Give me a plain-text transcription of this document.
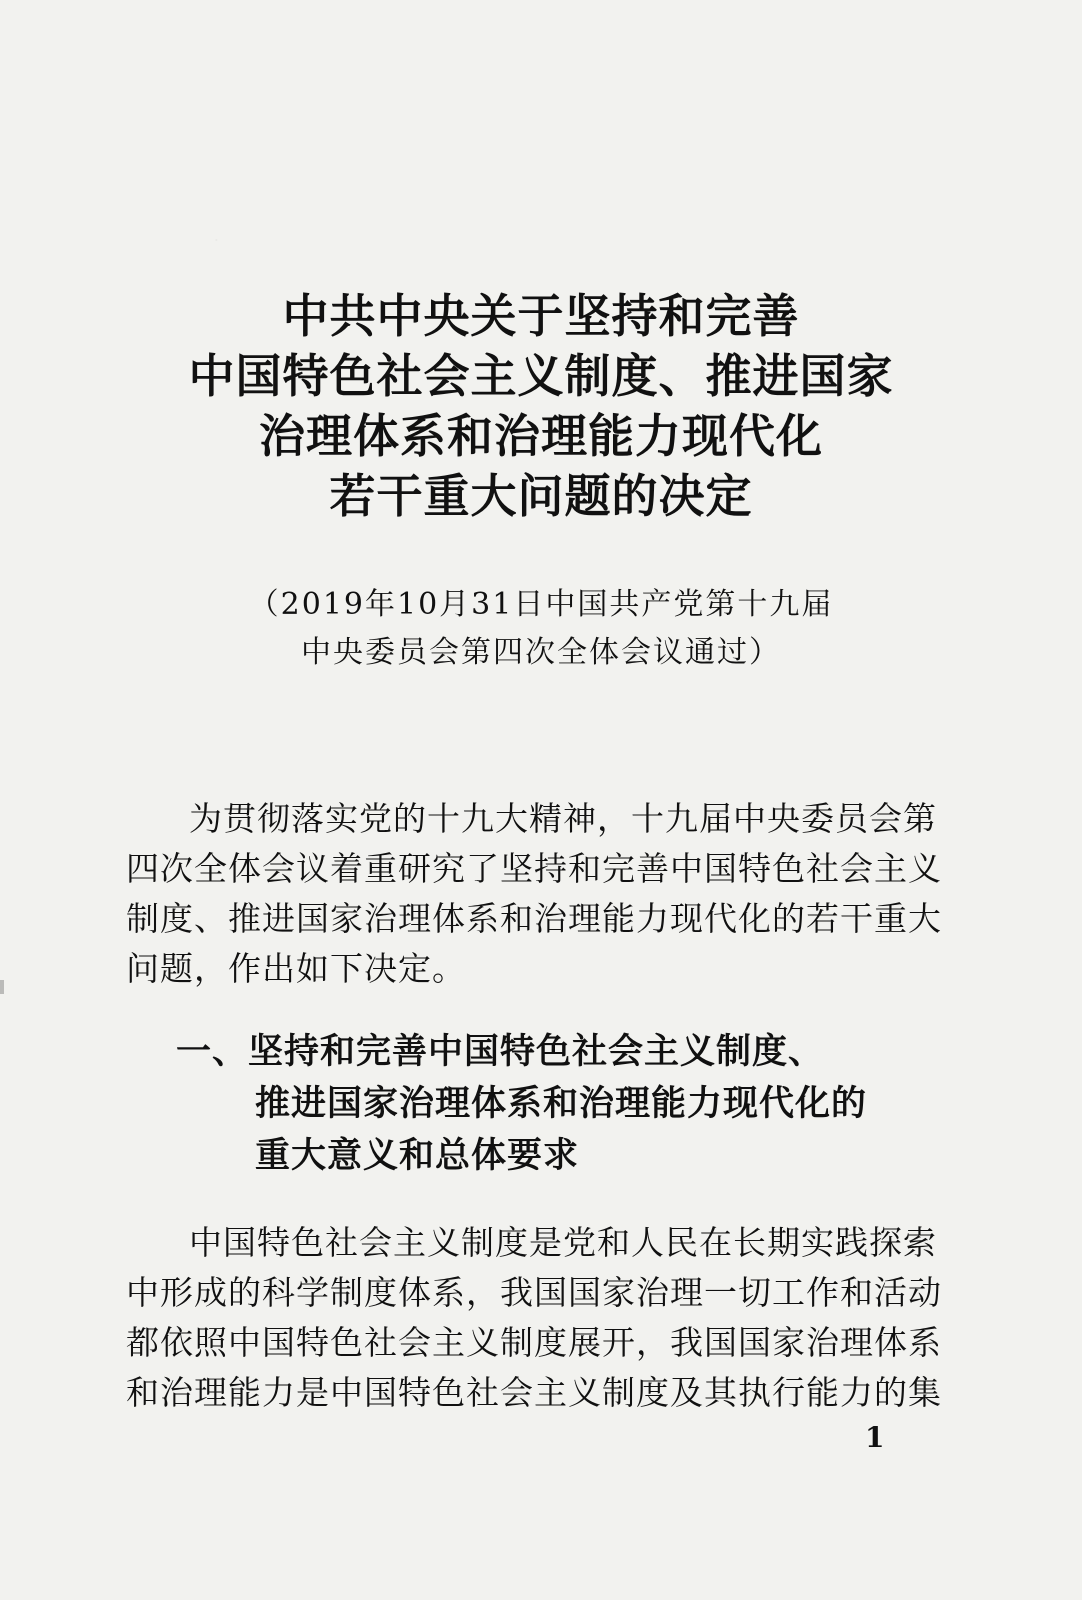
中共中央关于坚持和完善
中国特色社会主义制度、推进国家
治理体系和治理能力现代化
若干重大问题的决定
（2019年10月31日中国共产党第十九届
中央委员会第四次全体会议通过）
为贯彻落实党的十九大精神，十九届中央委员会第
四次全体会议着重研究了坚持和完善中国特色社会主义
制度、推进国家治理体系和治理能力现代化的若干重大
问题，作出如下决定。
一、坚持和完善中国特色社会主义制度、
推进国家治理体系和治理能力现代化的
重大意义和总体要求
中国特色社会主义制度是党和人民在长期实践探索
中形成的科学制度体系，我国国家治理一切工作和活动
都依照中国特色社会主义制度展开，我国国家治理体系
和治理能力是中国特色社会主义制度及其执行能力的集
1
